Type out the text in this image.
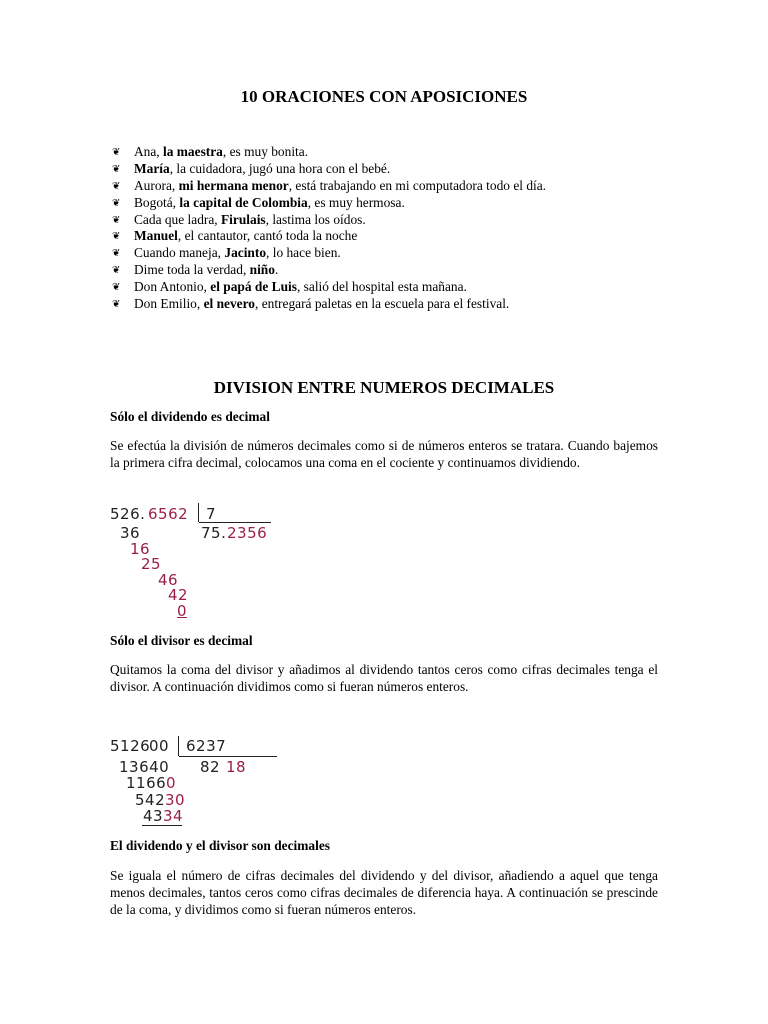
10 ORACIONES CON APOSICIONES
❦ Ana, la maestra, es muy bonita.
❦ María, la cuidadora, jugó una hora con el bebé.
❦ Aurora, mi hermana menor, está trabajando en mi computadora todo el día.
❦ Bogotá, la capital de Colombia, es muy hermosa.
❦ Cada que ladra, Firulais, lastima los oídos.
❦ Manuel, el cantautor, cantó toda la noche
❦ Cuando maneja, Jacinto, lo hace bien.
❦ Dime toda la verdad, niño.
❦ Don Antonio, el papá de Luis, salió del hospital esta mañana.
❦ Don Emilio, el nevero, entregará paletas en la escuela para el festival.
DIVISION ENTRE NUMEROS DECIMALES
Sólo el dividendo es decimal

Se efectúa la división de números decimales como si de números enteros se tratara. Cuando bajemos la primera cifra decimal, colocamos una coma en el cociente y continuamos dividiendo.

526. 6562 7
75. 2356
36
16
25
46
42
0
Sólo el divisor es decimal

Quitamos la coma del divisor y añadimos al dividendo tantos ceros como cifras decimales tenga el divisor. A continuación dividimos como si fueran números enteros.

5126
00 6237
82 18
13640
1166 0
542 30
43 34
El dividendo y el divisor son decimales

Se iguala el número de cifras decimales del dividendo y del divisor, añadiendo a aquel que tenga menos decimales, tantos ceros como cifras decimales de diferencia haya. A continuación se prescinde de la coma, y dividimos como si fueran números enteros.
